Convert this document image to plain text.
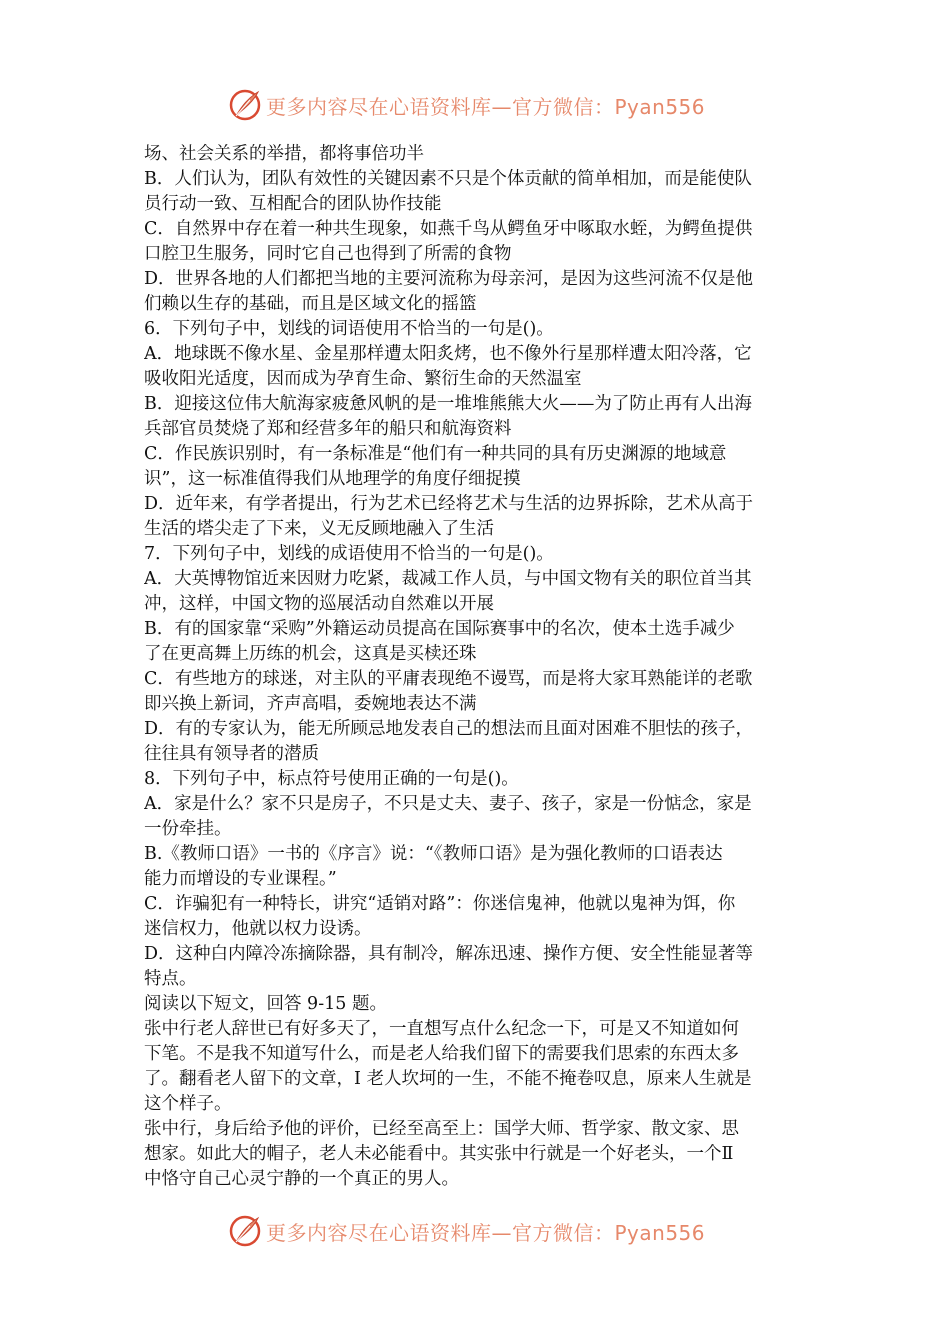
更多内容尽在心语资料库—官方微信：Pyan556
场、社会关系的举措，都将事倍功半
B．人们认为，团队有效性的关键因素不只是个体贡献的简单相加，而是能使队
员行动一致、互相配合的团队协作技能
C．自然界中存在着一种共生现象，如燕千鸟从鳄鱼牙中啄取水蛭，为鳄鱼提供
口腔卫生服务，同时它自己也得到了所需的食物
D．世界各地的人们都把当地的主要河流称为母亲河，是因为这些河流不仅是他
们赖以生存的基础，而且是区域文化的摇篮
6．下列句子中，划线的词语使用不恰当的一句是()。
A．地球既不像水星、金星那样遭太阳炙烤，也不像外行星那样遭太阳冷落，它
吸收阳光适度，因而成为孕育生命、繁衍生命的天然温室
B．迎接这位伟大航海家疲惫风帆的是一堆堆熊熊大火——为了防止再有人出海
兵部官员焚烧了郑和经营多年的船只和航海资料
C．作民族识别时，有一条标准是“他们有一种共同的具有历史渊源的地域意
识”，这一标准值得我们从地理学的角度仔细捉摸
D．近年来，有学者提出，行为艺术已经将艺术与生活的边界拆除，艺术从高于
生活的塔尖走了下来，义无反顾地融入了生活
7．下列句子中，划线的成语使用不恰当的一句是()。
A．大英博物馆近来因财力吃紧，裁减工作人员，与中国文物有关的职位首当其
冲，这样，中国文物的巡展活动自然难以开展
B．有的国家靠“采购”外籍运动员提高在国际赛事中的名次，使本土选手减少
了在更高舞上历练的机会，这真是买椟还珠
C．有些地方的球迷，对主队的平庸表现绝不谩骂，而是将大家耳熟能详的老歌
即兴换上新词，齐声高唱，委婉地表达不满
D．有的专家认为，能无所顾忌地发表自己的想法而且面对困难不胆怯的孩子，
往往具有领导者的潜质
8．下列句子中，标点符号使用正确的一句是()。
A．家是什么？家不只是房子，不只是丈夫、妻子、孩子，家是一份惦念，家是
一份牵挂。
B.《教师口语》一书的《序言》说：“《教师口语》是为强化教师的口语表达
能力而增设的专业课程。”
C．诈骗犯有一种特长，讲究“适销对路”：你迷信鬼神，他就以鬼神为饵，你
迷信权力，他就以权力设诱。
D．这种白内障冷冻摘除器，具有制冷，解冻迅速、操作方便、安全性能显著等
特点。
阅读以下短文，回答 9-15 题。
张中行老人辞世已有好多天了，一直想写点什么纪念一下，可是又不知道如何
下笔。不是我不知道写什么，而是老人给我们留下的需要我们思索的东西太多
了。翻看老人留下的文章，I 老人坎坷的一生，不能不掩卷叹息，原来人生就是
这个样子。
张中行，身后给予他的评价，已经至高至上：国学大师、哲学家、散文家、思
想家。如此大的帽子，老人未必能看中。其实张中行就是一个好老头，一个Ⅱ
中恪守自己心灵宁静的一个真正的男人。
更多内容尽在心语资料库—官方微信：Pyan556
